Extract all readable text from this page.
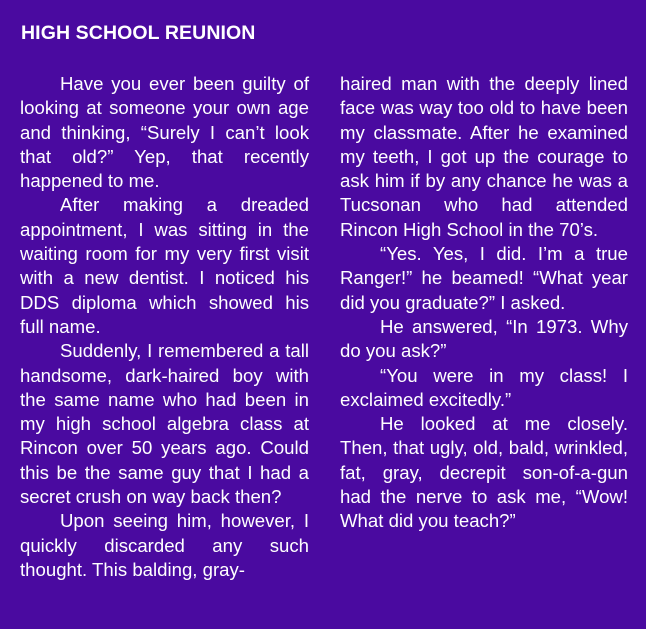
HIGH SCHOOL REUNION

Have you ever been guilty of looking at someone your own age and thinking, “Surely I can’t look that old?” Yep, that recently happened to me.

After making a dreaded appointment, I was sitting in the waiting room for my very first visit with a new dentist. I noticed his DDS diploma which showed his full name.

Suddenly, I remembered a tall handsome, dark-haired boy with the same name who had been in my high school algebra class at Rincon over 50 years ago. Could this be the same guy that I had a secret crush on way back then?

Upon seeing him, however, I quickly discarded any such thought. This balding, gray-

haired man with the deeply lined face was way too old to have been my classmate. After he examined my teeth, I got up the courage to ask him if by any chance he was a Tucsonan who had attended Rincon High School in the 70’s.

“Yes. Yes, I did. I’m a true Ranger!” he beamed! “What year did you graduate?” I asked.

He answered, “In 1973. Why do you ask?”

“You were in my class! I exclaimed excitedly.”

He looked at me closely. Then, that ugly, old, bald, wrinkled, fat, gray, decrepit son-of-a-gun had the nerve to ask me, “Wow! What did you teach?”
